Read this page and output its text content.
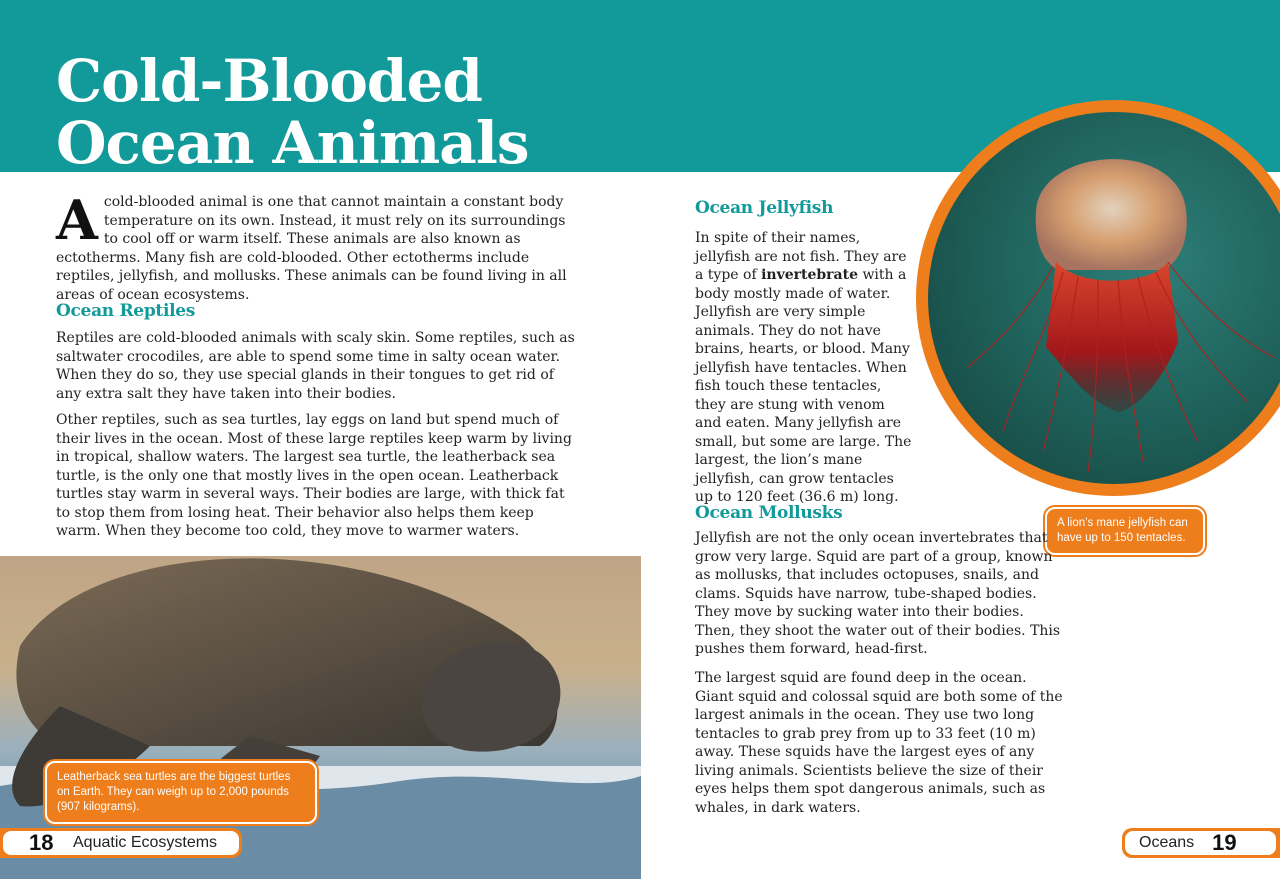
Cold-Blooded
Ocean Animals

Acold-blooded animal is one that cannot maintain a constant body temperature on its own. Instead, it must rely on its surroundings to cool off or warm itself. These animals are also known as ectotherms. Many fish are cold-blooded. Other ectotherms include reptiles, jellyfish, and mollusks. These animals can be found living in all areas of ocean ecosystems.

Ocean Reptiles

Reptiles are cold-blooded animals with scaly skin. Some reptiles, such as saltwater crocodiles, are able to spend some time in salty ocean water. When they do so, they use special glands in their tongues to get rid of any extra salt they have taken into their bodies.

Other reptiles, such as sea turtles, lay eggs on land but spend much of their lives in the ocean. Most of these large reptiles keep warm by living in tropical, shallow waters. The largest sea turtle, the leatherback sea turtle, is the only one that mostly lives in the open ocean. Leatherback turtles stay warm in several ways. Their bodies are large, with thick fat to stop them from losing heat. Their behavior also helps them keep warm. When they become too cold, they move to warmer waters.

Leatherback sea turtles are the biggest turtles on Earth. They can weigh up to 2,000 pounds (907 kilograms).
Ocean Jellyfish

In spite of their names, jellyfish are not fish. They are a type of invertebrate with a body mostly made of water. Jellyfish are very simple animals. They do not have brains, hearts, or blood. Many jellyfish have tentacles. When fish touch these tentacles, they are stung with venom and eaten. Many jellyfish are small, but some are large. The largest, the lion’s mane jellyfish, can grow tentacles up to 120 feet (36.6 m) long.

A lion’s mane jellyfish can have up to 150 tentacles.
Ocean Mollusks

Jellyfish are not the only ocean invertebrates that grow very large. Squid are part of a group, known as mollusks, that includes octopuses, snails, and clams. Squids have narrow, tube-shaped bodies. They move by sucking water into their bodies. Then, they shoot the water out of their bodies. This pushes them forward, head-first.

The largest squid are found deep in the ocean. Giant squid and colossal squid are both some of the largest animals in the ocean. They use two long tentacles to grab prey from up to 33 feet (10 m) away. These squids have the largest eyes of any living animals. Scientists believe the size of their eyes helps them spot dangerous animals, such as whales, in dark waters.

18 Aquatic Ecosystems	Oceans 19
